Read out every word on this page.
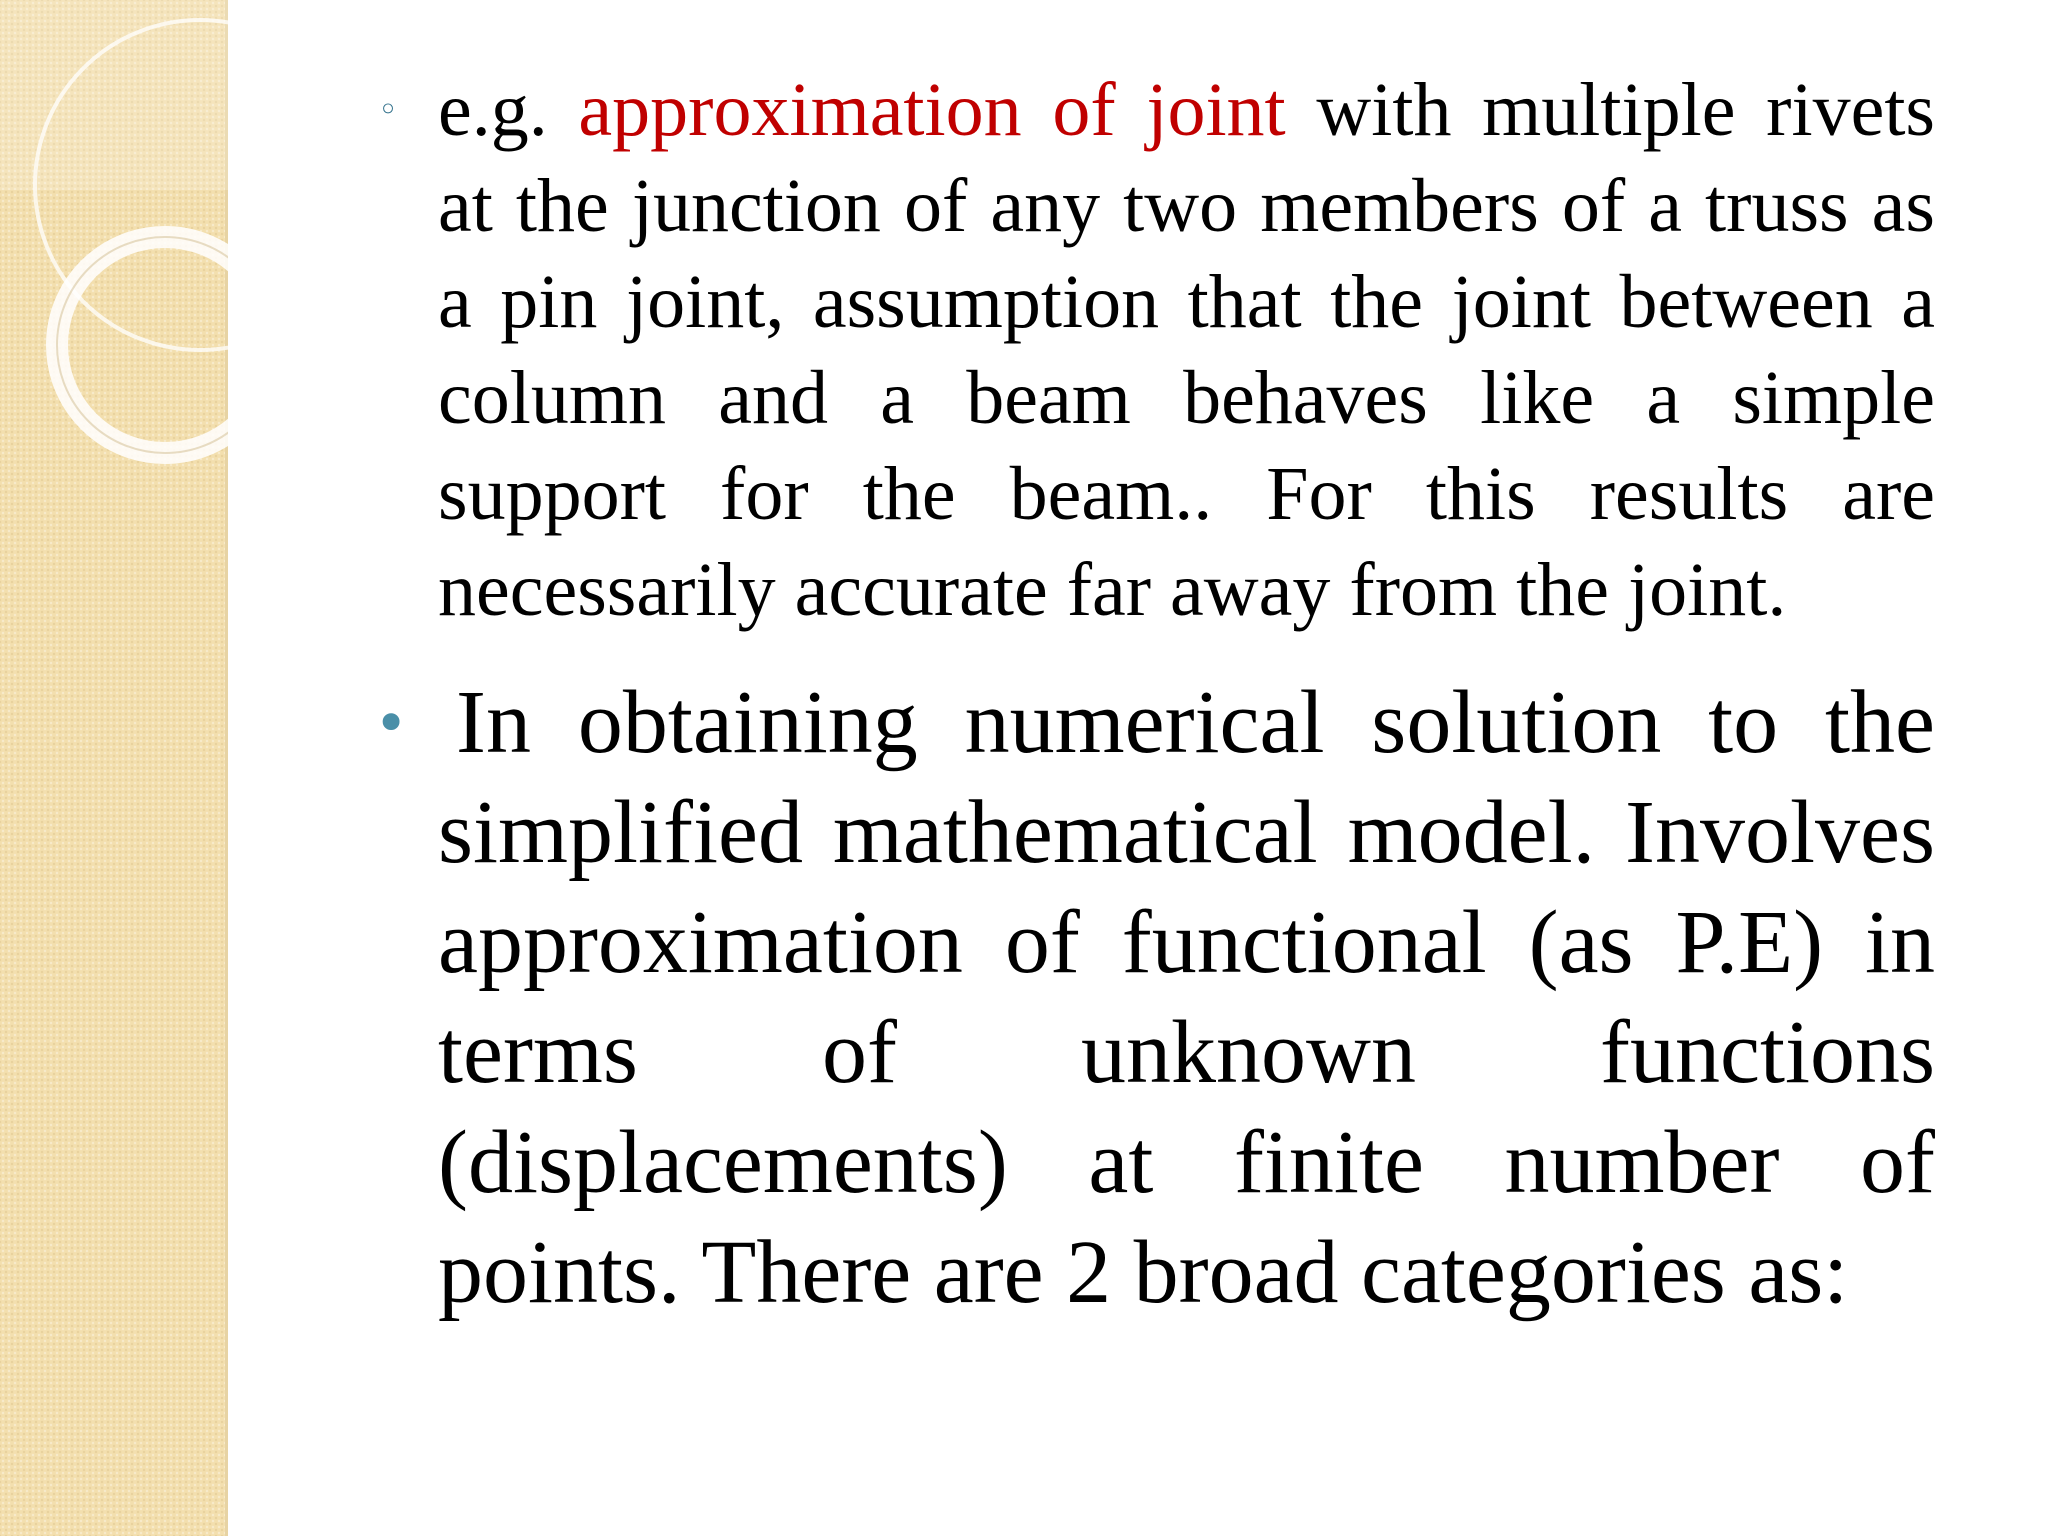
◦ e.g. approximation of joint with multiple rivets at the junction of any two members of a truss as a pin joint, assumption that the joint between a column and a beam behaves like a simple support for the beam.. For this results are necessarily accurate far away from the joint.
• In obtaining numerical solution to the simplified mathematical model. Involves approximation of functional (as P.E) in terms of unknown functions (displacements) at finite number of points. There are 2 broad categories as:
